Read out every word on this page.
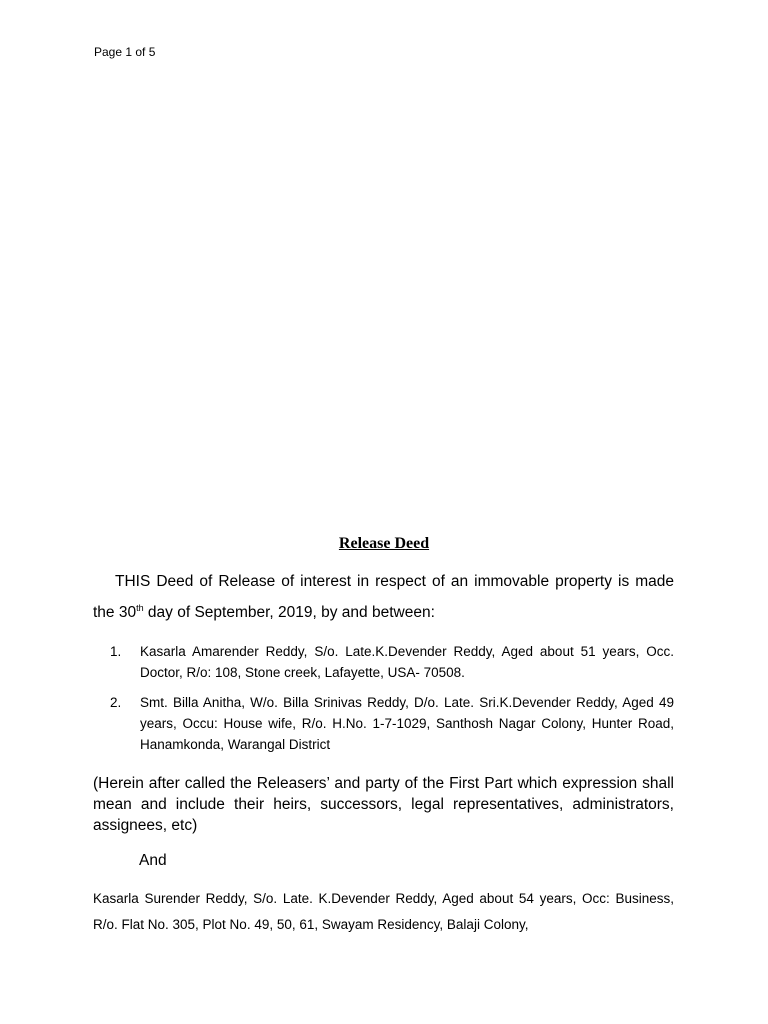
Page 1 of 5
Release Deed
THIS Deed of Release of interest in respect of an immovable property is made the 30th day of September, 2019, by and between:
1. Kasarla Amarender Reddy, S/o. Late.K.Devender Reddy, Aged about 51 years, Occ. Doctor, R/o: 108, Stone creek, Lafayette, USA- 70508.
2. Smt. Billa Anitha, W/o. Billa Srinivas Reddy, D/o. Late. Sri.K.Devender Reddy, Aged 49 years, Occu: House wife, R/o. H.No. 1-7-1029, Santhosh Nagar Colony, Hunter Road, Hanamkonda, Warangal District
(Herein after called the Releasers’ and party of the First Part which expression shall mean and include their heirs, successors, legal representatives, administrators, assignees, etc)
And
Kasarla Surender Reddy, S/o. Late. K.Devender Reddy, Aged about 54 years, Occ: Business, R/o. Flat No. 305, Plot No. 49, 50, 61, Swayam Residency, Balaji Colony,
